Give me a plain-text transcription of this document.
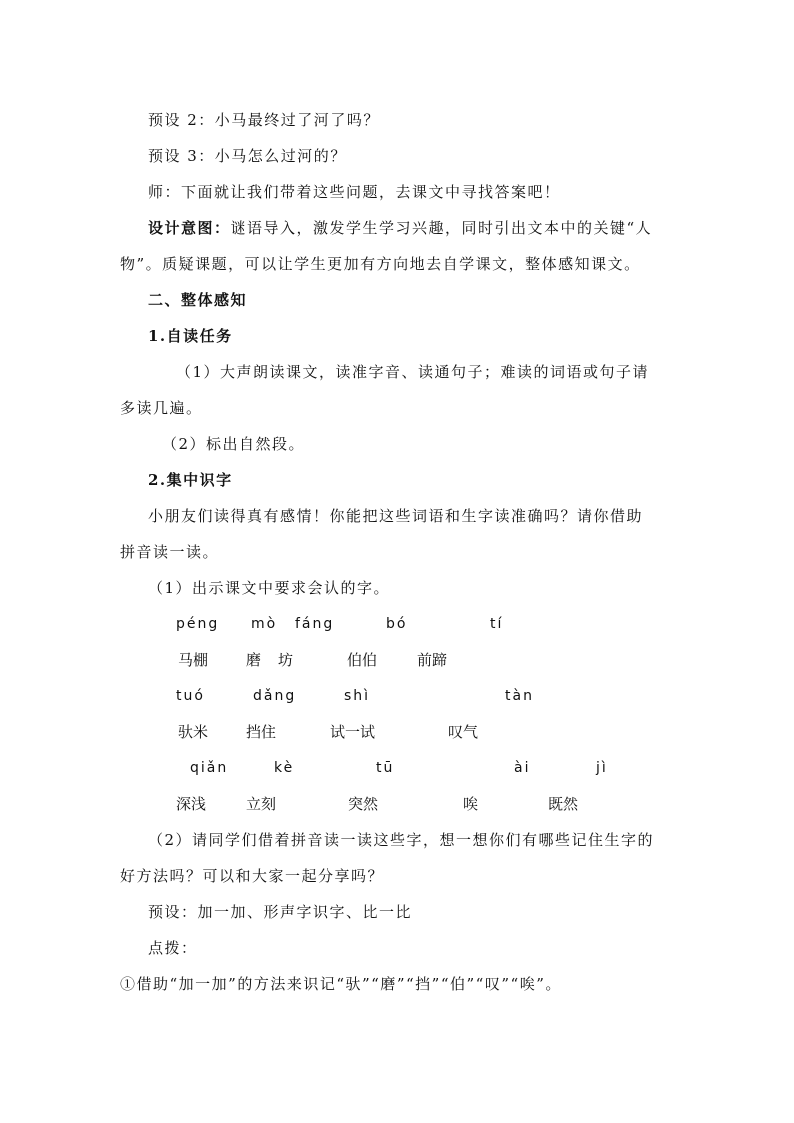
预设 2：小马最终过了河了吗？
预设 3：小马怎么过河的？
师：下面就让我们带着这些问题，去课文中寻找答案吧！
设计意图：谜语导入，激发学生学习兴趣，同时引出文本中的关键“人
物”。质疑课题，可以让学生更加有方向地去自学课文，整体感知课文。
二、整体感知
1.自读任务
（1）大声朗读课文，读准字音、读通句子；难读的词语或句子请
多读几遍。
（2）标出自然段。
2.集中识字
小朋友们读得真有感情！你能把这些词语和生字读准确吗？请你借助
拼音读一读。
（1）出示课文中要求会认的字。
péng mò fáng	bó	tí
马棚	磨 坊	伯伯	前蹄
tuó	dǎng	shì	tàn
驮米	挡住	试一试	叹气
qiǎn	kè	tū	ài	jì
深浅	立刻	突然	唉	既然
（2）请同学们借着拼音读一读这些字，想一想你们有哪些记住生字的
好方法吗？可以和大家一起分享吗？
预设：加一加、形声字识字、比一比
点拨：
①借助“加一加”的方法来识记“驮”“磨”“挡”“伯”“叹”“唉”。
